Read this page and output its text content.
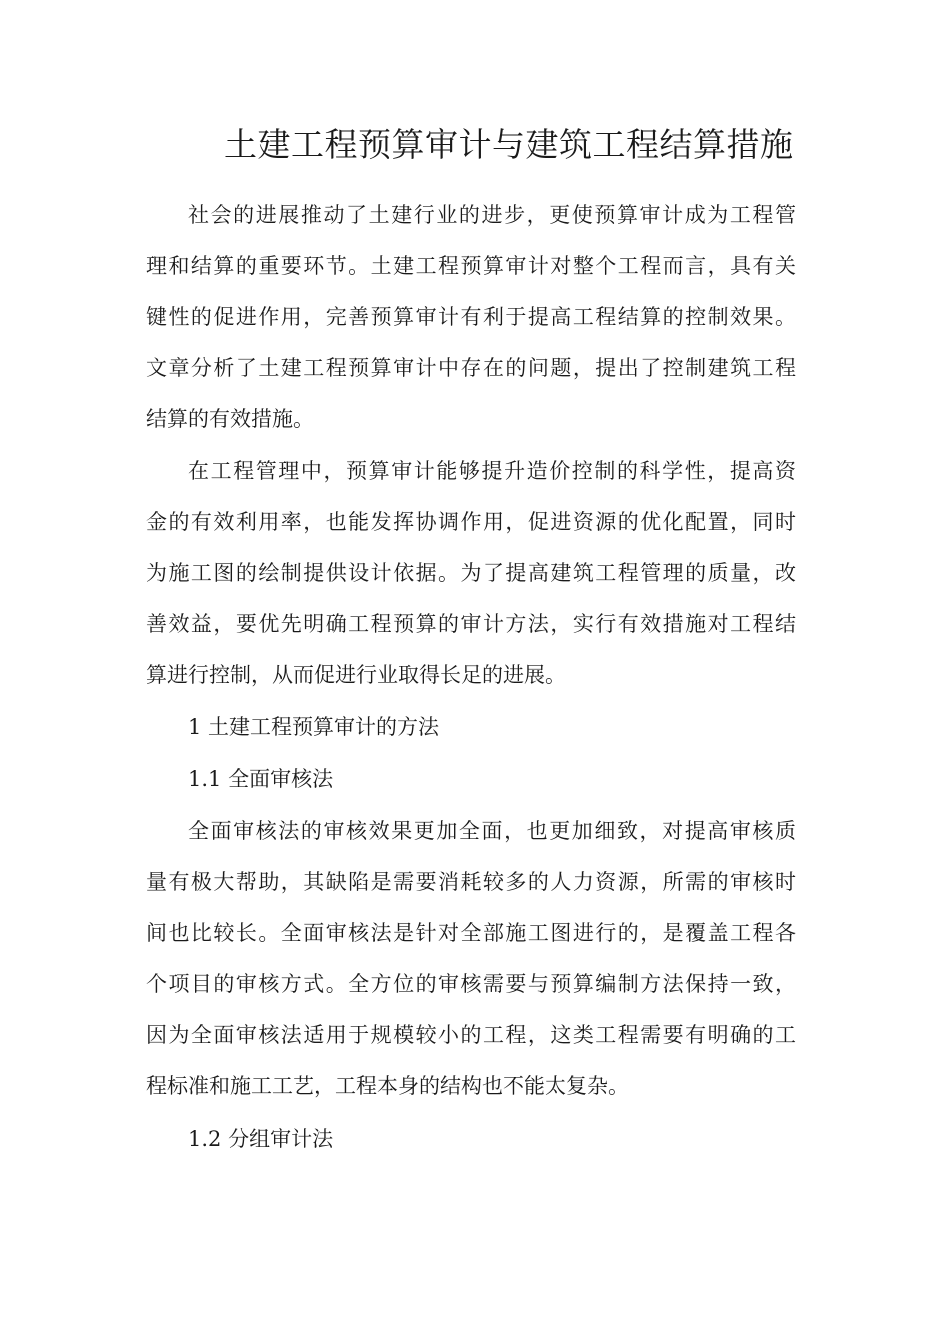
土建工程预算审计与建筑工程结算措施
社会的进展推动了土建行业的进步，更使预算审计成为工程管
理和结算的重要环节。土建工程预算审计对整个工程而言，具有关
键性的促进作用，完善预算审计有利于提高工程结算的控制效果。
文章分析了土建工程预算审计中存在的问题，提出了控制建筑工程
结算的有效措施。
在工程管理中，预算审计能够提升造价控制的科学性，提高资
金的有效利用率，也能发挥协调作用，促进资源的优化配置，同时
为施工图的绘制提供设计依据。为了提高建筑工程管理的质量，改
善效益，要优先明确工程预算的审计方法，实行有效措施对工程结
算进行控制，从而促进行业取得长足的进展。
1 土建工程预算审计的方法
1.1 全面审核法
全面审核法的审核效果更加全面，也更加细致，对提高审核质
量有极大帮助，其缺陷是需要消耗较多的人力资源，所需的审核时
间也比较长。全面审核法是针对全部施工图进行的，是覆盖工程各
个项目的审核方式。全方位的审核需要与预算编制方法保持一致，
因为全面审核法适用于规模较小的工程，这类工程需要有明确的工
程标准和施工工艺，工程本身的结构也不能太复杂。
1.2 分组审计法
